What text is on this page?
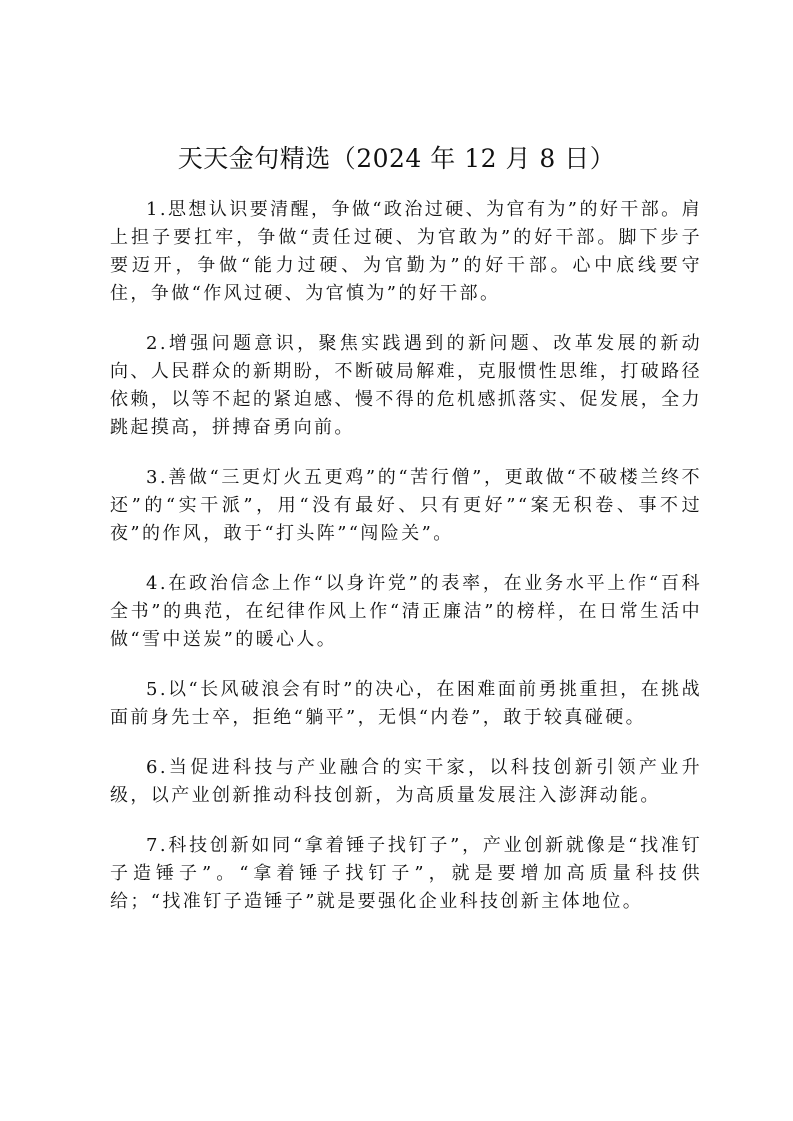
天天金句精选（2024 年 12 月 8 日）

1.思想认识要清醒，争做“政治过硬、为官有为”的好干部。肩上担子要扛牢，争做“责任过硬、为官敢为”的好干部。脚下步子要迈开，争做“能力过硬、为官勤为”的好干部。心中底线要守住，争做“作风过硬、为官慎为”的好干部。

2.增强问题意识，聚焦实践遇到的新问题、改革发展的新动向、人民群众的新期盼，不断破局解难，克服惯性思维，打破路径依赖，以等不起的紧迫感、慢不得的危机感抓落实、促发展，全力跳起摸高，拼搏奋勇向前。

3.善做“三更灯火五更鸡”的“苦行僧”，更敢做“不破楼兰终不还”的“实干派”，用“没有最好、只有更好”“案无积卷、事不过夜”的作风，敢于“打头阵”“闯险关”。

4.在政治信念上作“以身许党”的表率，在业务水平上作“百科全书”的典范，在纪律作风上作“清正廉洁”的榜样，在日常生活中做“雪中送炭”的暖心人。

5.以“长风破浪会有时”的决心，在困难面前勇挑重担，在挑战面前身先士卒，拒绝“躺平”，无惧“内卷”，敢于较真碰硬。

6.当促进科技与产业融合的实干家，以科技创新引领产业升级，以产业创新推动科技创新，为高质量发展注入澎湃动能。

7.科技创新如同“拿着锤子找钉子”，产业创新就像是“找准钉子造锤子”。“拿着锤子找钉子”，就是要增加高质量科技供给；“找准钉子造锤子”就是要强化企业科技创新主体地位。
